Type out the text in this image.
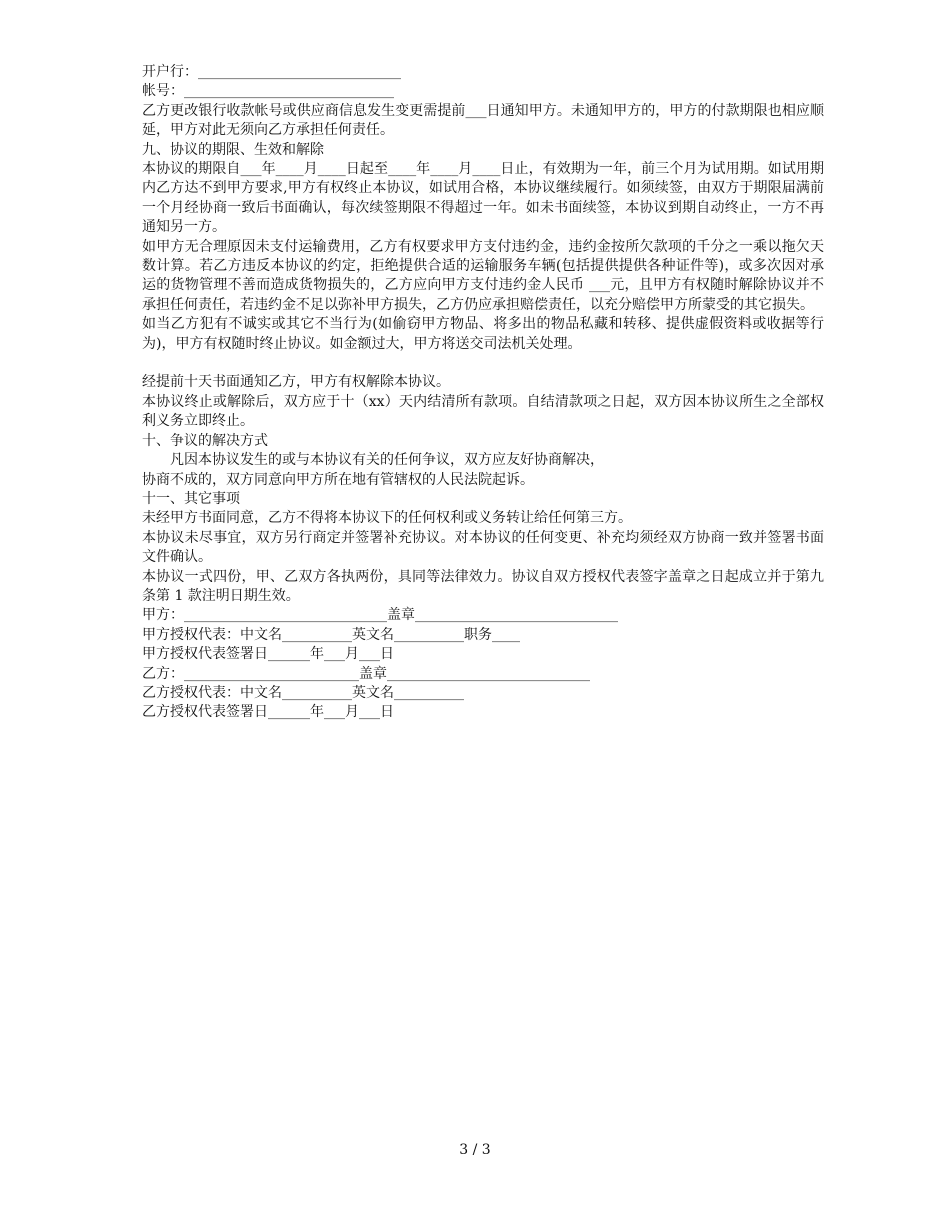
开户行：_____________________________
帐号：______________________________
乙方更改银行收款帐号或供应商信息发生变更需提前___日通知甲方。未通知甲方的，甲方的付款期限也相应顺延，甲方对此无须向乙方承担任何责任。
九、协议的期限、生效和解除
本协议的期限自___年____月____日起至____年____月____日止，有效期为一年，前三个月为试用期。如试用期内乙方达不到甲方要求,甲方有权终止本协议，如试用合格，本协议继续履行。如须续签，由双方于期限届满前一个月经协商一致后书面确认，每次续签期限不得超过一年。如未书面续签，本协议到期自动终止，一方不再通知另一方。
如甲方无合理原因未支付运输费用，乙方有权要求甲方支付违约金，违约金按所欠款项的千分之一乘以拖欠天数计算。若乙方违反本协议的约定，拒绝提供合适的运输服务车辆(包括提供提供各种证件等)，或多次因对承运的货物管理不善而造成货物损失的，乙方应向甲方支付违约金人民币 ___元，且甲方有权随时解除协议并不承担任何责任，若违约金不足以弥补甲方损失，乙方仍应承担赔偿责任，以充分赔偿甲方所蒙受的其它损失。
如当乙方犯有不诚实或其它不当行为(如偷窃甲方物品、将多出的物品私藏和转移、提供虚假资料或收据等行为)，甲方有权随时终止协议。如金额过大，甲方将送交司法机关处理。
经提前十天书面通知乙方，甲方有权解除本协议。
本协议终止或解除后，双方应于十（xx）天内结清所有款项。自结清款项之日起，双方因本协议所生之全部权利义务立即终止。
十、争议的解决方式
凡因本协议发生的或与本协议有关的任何争议，双方应友好协商解决，
协商不成的，双方同意向甲方所在地有管辖权的人民法院起诉。
十一、其它事项
未经甲方书面同意，乙方不得将本协议下的任何权利或义务转让给任何第三方。
本协议未尽事宜，双方另行商定并签署补充协议。对本协议的任何变更、补充均须经双方协商一致并签署书面文件确认。
本协议一式四份，甲、乙双方各执两份，具同等法律效力。协议自双方授权代表签字盖章之日起成立并于第九条第 1 款注明日期生效。
甲方：_____________________________盖章_____________________________
甲方授权代表：中文名__________英文名__________职务____
甲方授权代表签署日______年___月___日
乙方：_________________________盖章_____________________________
乙方授权代表：中文名__________英文名__________
乙方授权代表签署日______年___月___日
3 / 3
